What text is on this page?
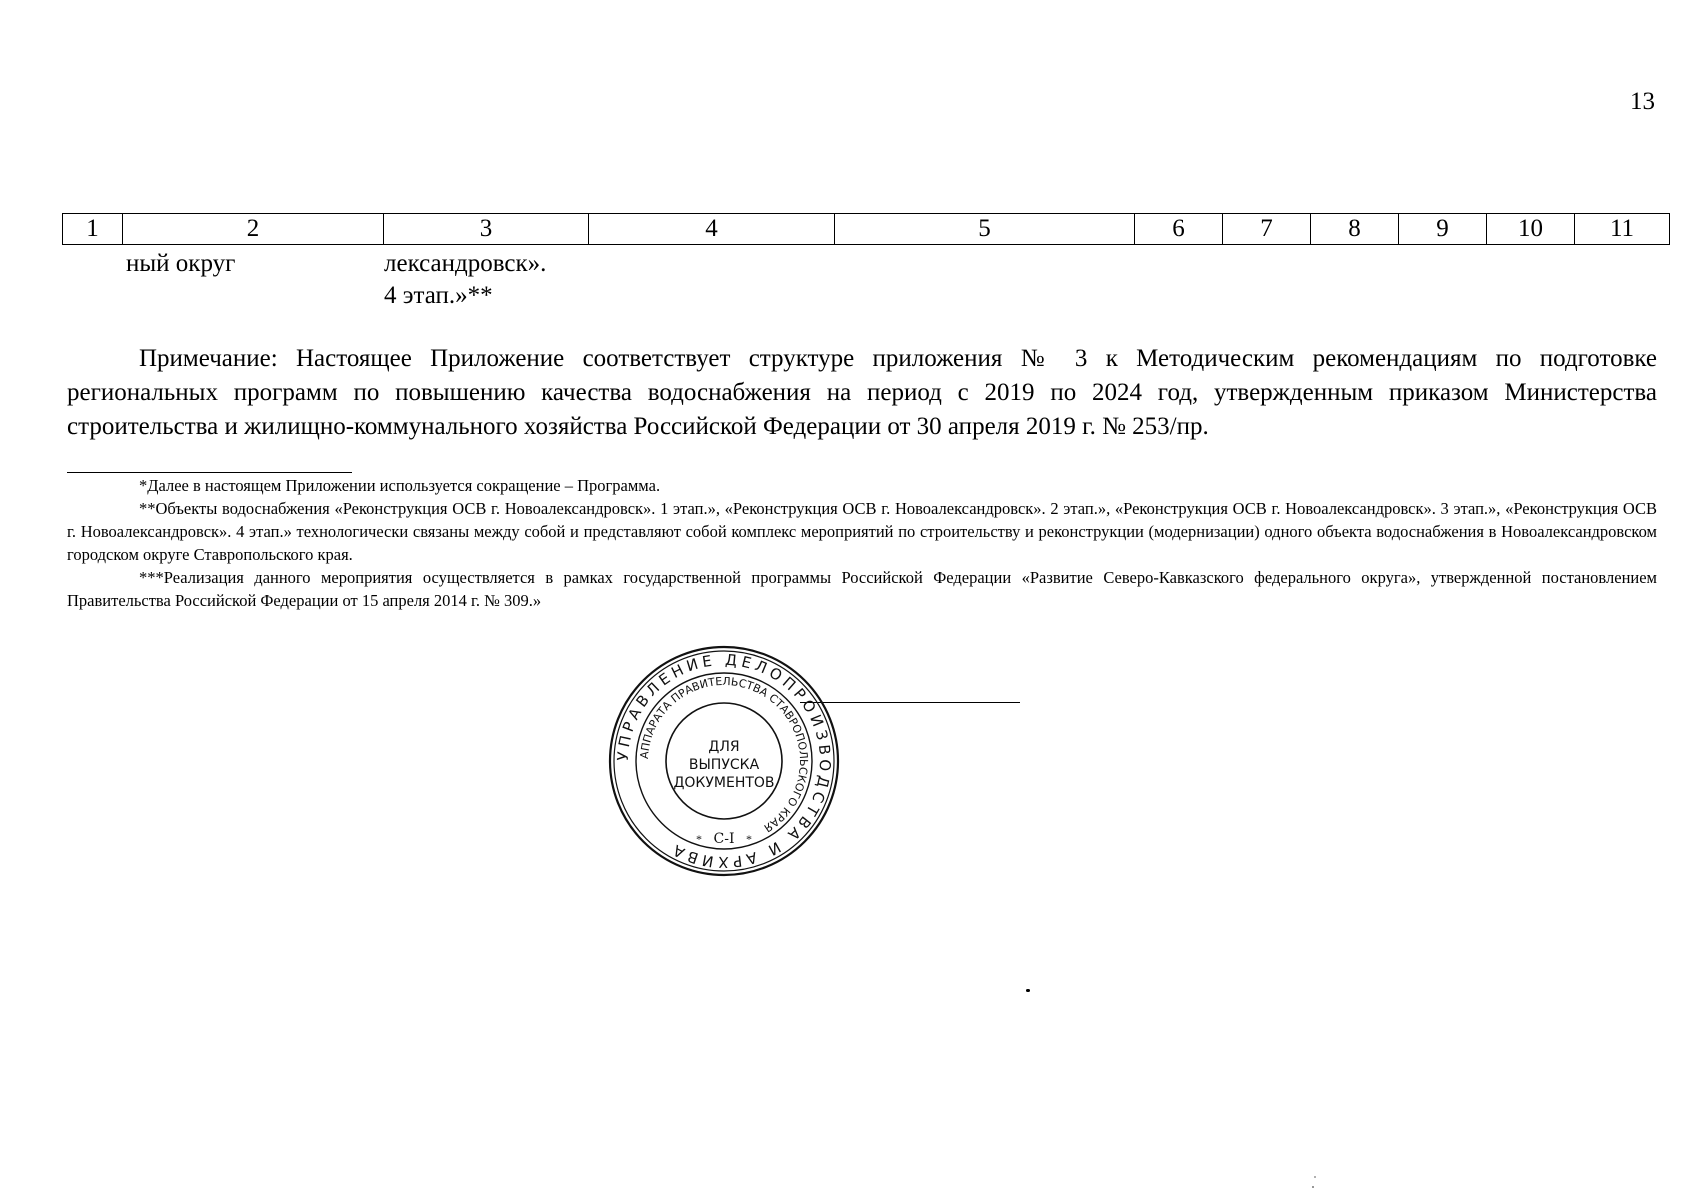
13
1	2	3	4	5	6	7	8	9	10	11
ный округ	лександровск».
4 этап.»**

Примечание: Настоящее Приложение соответствует структуре приложения № 3 к Методическим рекомендациям по подготовке региональных программ по повышению качества водоснабжения на период с 2019 по 2024 год, утвержденным приказом Министерства строительства и жилищно-коммунального хозяйства Российской Федерации от 30 апреля 2019 г. № 253/пр.

*Далее в настоящем Приложении используется сокращение – Программа.

**Объекты водоснабжения «Реконструкция ОСВ г. Новоалександровск». 1 этап.», «Реконструкция ОСВ г. Новоалександровск». 2 этап.», «Реконструкция ОСВ г. Новоалександровск». 3 этап.», «Реконструкция ОСВ г. Новоалександровск». 4 этап.» технологически связаны между собой и представляют собой комплекс мероприятий по строительству и реконструкции (модернизации) одного объекта водоснабжения в Новоалександровском городском округе Ставропольского края.

***Реализация данного мероприятия осуществляется в рамках государственной программы Российской Федерации «Развитие Северо-Кавказского федерального округа», утвержденной постановлением Правительства Российской Федерации от 15 апреля 2014 г. № 309.»

УПРАВЛЕНИЕ ДЕЛОПРОИЗВОДСТВА И АРХИВА
АППАРАТА ПРАВИТЕЛЬСТВА СТАВРОПОЛЬСКОГО КРАЯ
ДЛЯ
ВЫПУСКА
ДОКУМЕНТОВ
С-I
*	*
